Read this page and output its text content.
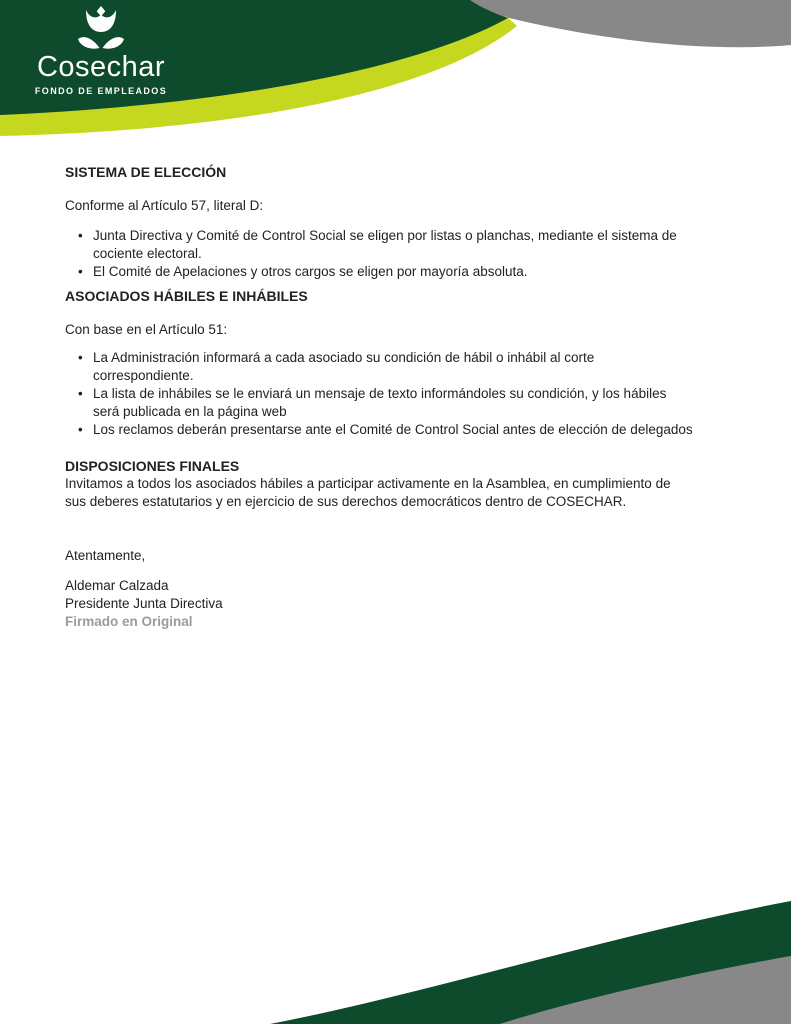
Cosechar
FONDO DE EMPLEADOS
SISTEMA DE ELECCIÓN

Conforme al Artículo 57, literal D:

• Junta Directiva y Comité de Control Social se eligen por listas o planchas, mediante el sistema de
cociente electoral.
• El Comité de Apelaciones y otros cargos se eligen por mayoría absoluta.
ASOCIADOS HÁBILES E INHÁBILES

Con base en el Artículo 51:

• La Administración informará a cada asociado su condición de hábil o inhábil al corte
correspondiente.
• La lista de inhábiles se le enviará un mensaje de texto informándoles su condición, y los hábiles
será publicada en la página web
• Los reclamos deberán presentarse ante el Comité de Control Social antes de elección de delegados
DISPOSICIONES FINALES

Invitamos a todos los asociados hábiles a participar activamente en la Asamblea, en cumplimiento de
sus deberes estatutarios y en ejercicio de sus derechos democráticos dentro de COSECHAR.

Atentamente,

Aldemar Calzada
Presidente Junta Directiva
Firmado en Original
